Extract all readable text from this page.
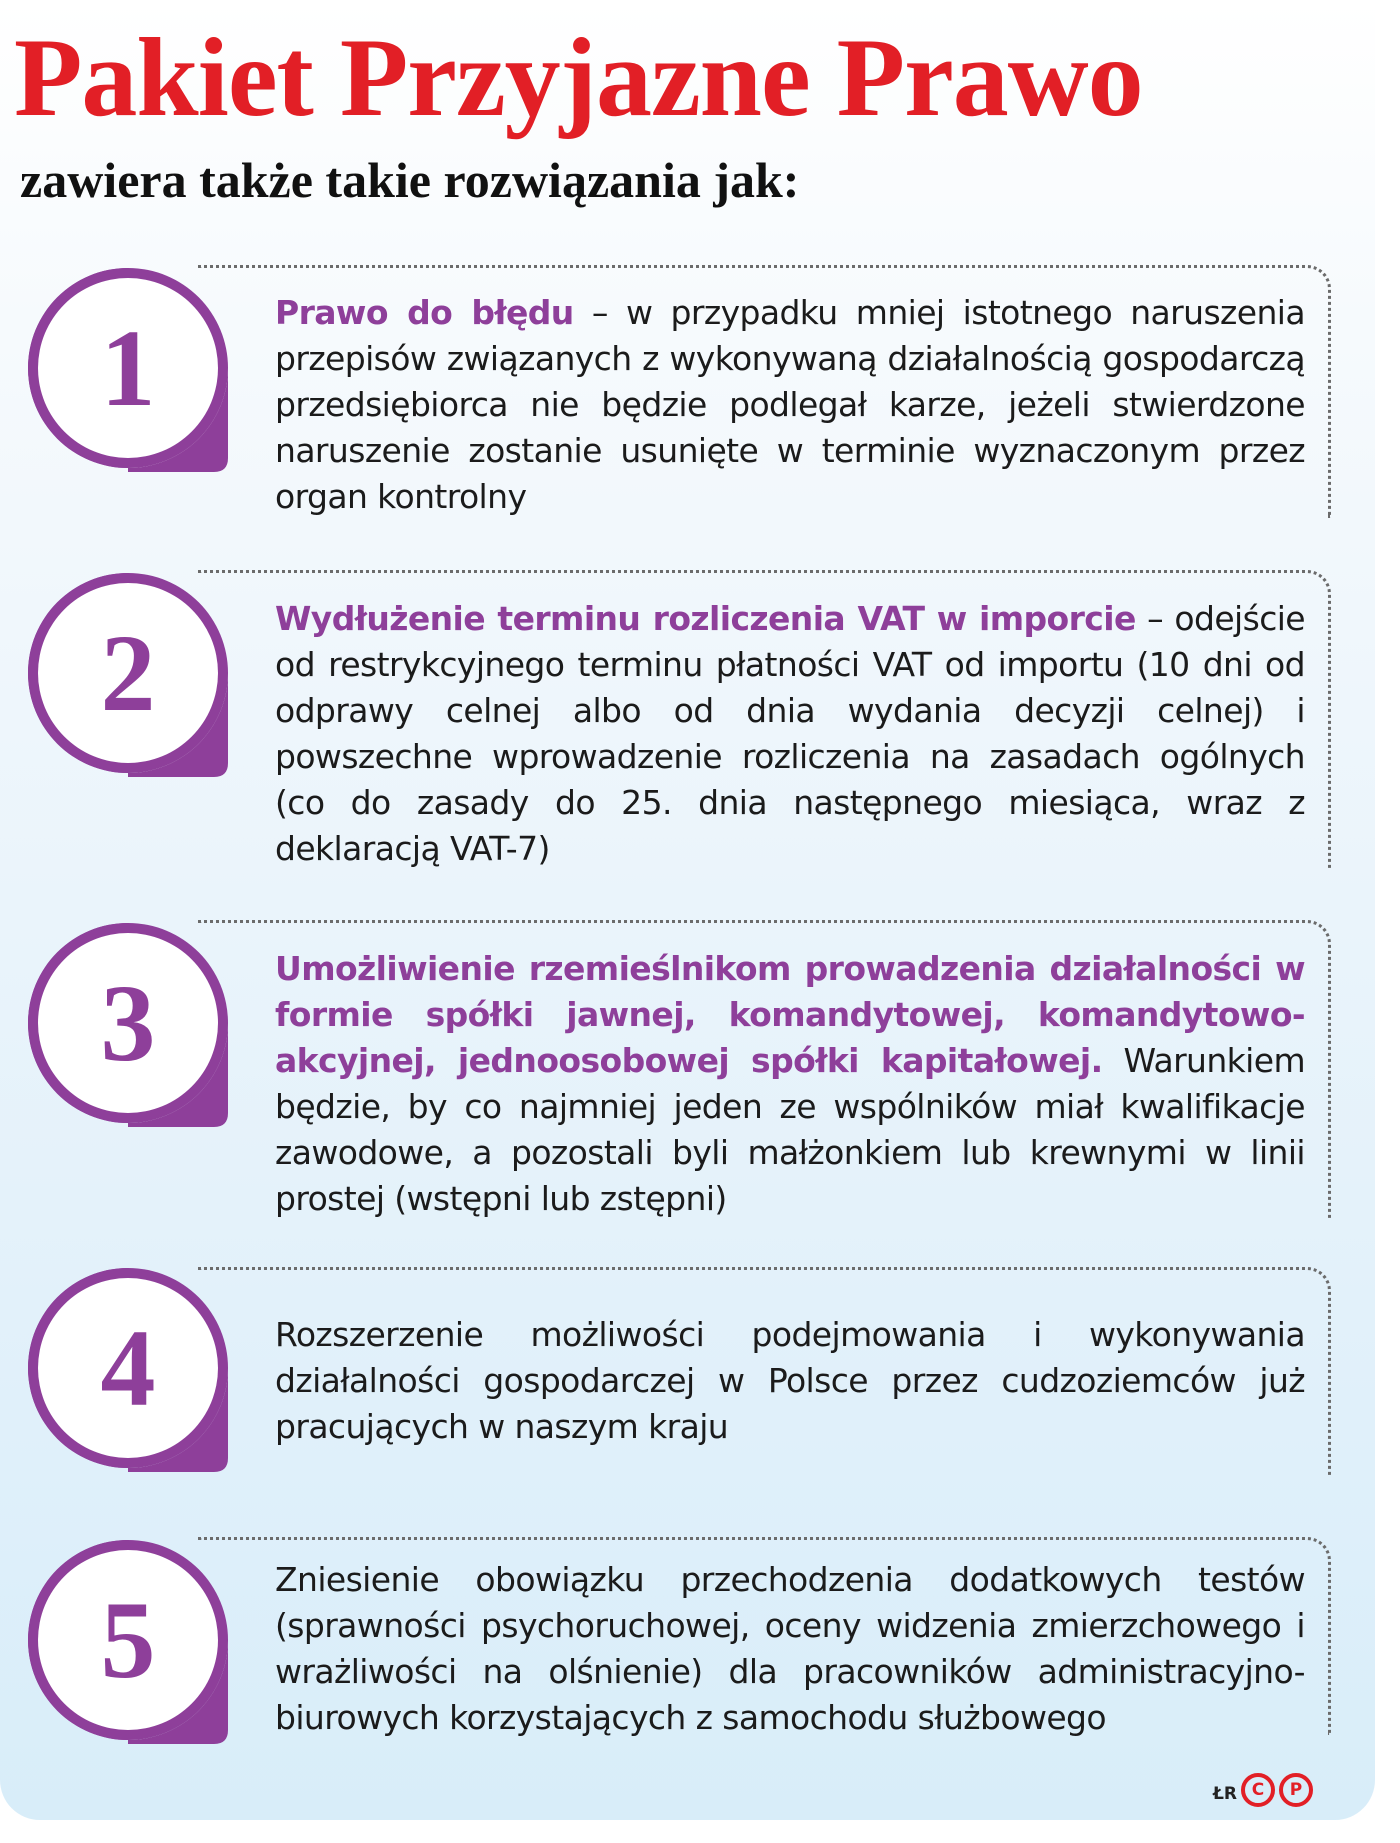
Pakiet Przyjazne Prawo
zawiera także takie rozwiązania jak:
1	Prawo do błędu – w przypadku mniej istotnego naruszenia przepisów związanych z wykonywaną działalnością gospodarczą przedsiębiorca nie będzie podlegał karze, jeżeli stwierdzone naruszenie zostanie usunięte w terminie wyznaczonym przez organ kontrolny
2	Wydłużenie terminu rozliczenia VAT w imporcie – odejście od restrykcyjnego terminu płatności VAT od importu (10 dni od odprawy celnej albo od dnia wydania decyzji celnej) i powszechne wprowadzenie rozliczenia na zasadach ogólnych (co do zasady do 25. dnia następnego miesiąca, wraz z deklaracją VAT-7)
3	Umożliwienie rzemieślnikom prowadzenia działalności w formie spółki jawnej, komandytowej, komandytowo-akcyjnej, jednoosobowej spółki kapitałowej. Warunkiem będzie, by co najmniej jeden ze wspólników miał kwalifikacje zawodowe, a pozostali byli małżonkiem lub krewnymi w linii prostej (wstępni lub zstępni)
4	Rozszerzenie możliwości podejmowania i wykonywania działalności gospodarczej w Polsce przez cudzoziemców już pracujących w naszym kraju
5	Zniesienie obowiązku przechodzenia dodatkowych testów (sprawności psychoruchowej, oceny widzenia zmierzchowego i wrażliwości na olśnienie) dla pracowników administracyjno-biurowych korzystających z samochodu służbowego
ŁR C	P
